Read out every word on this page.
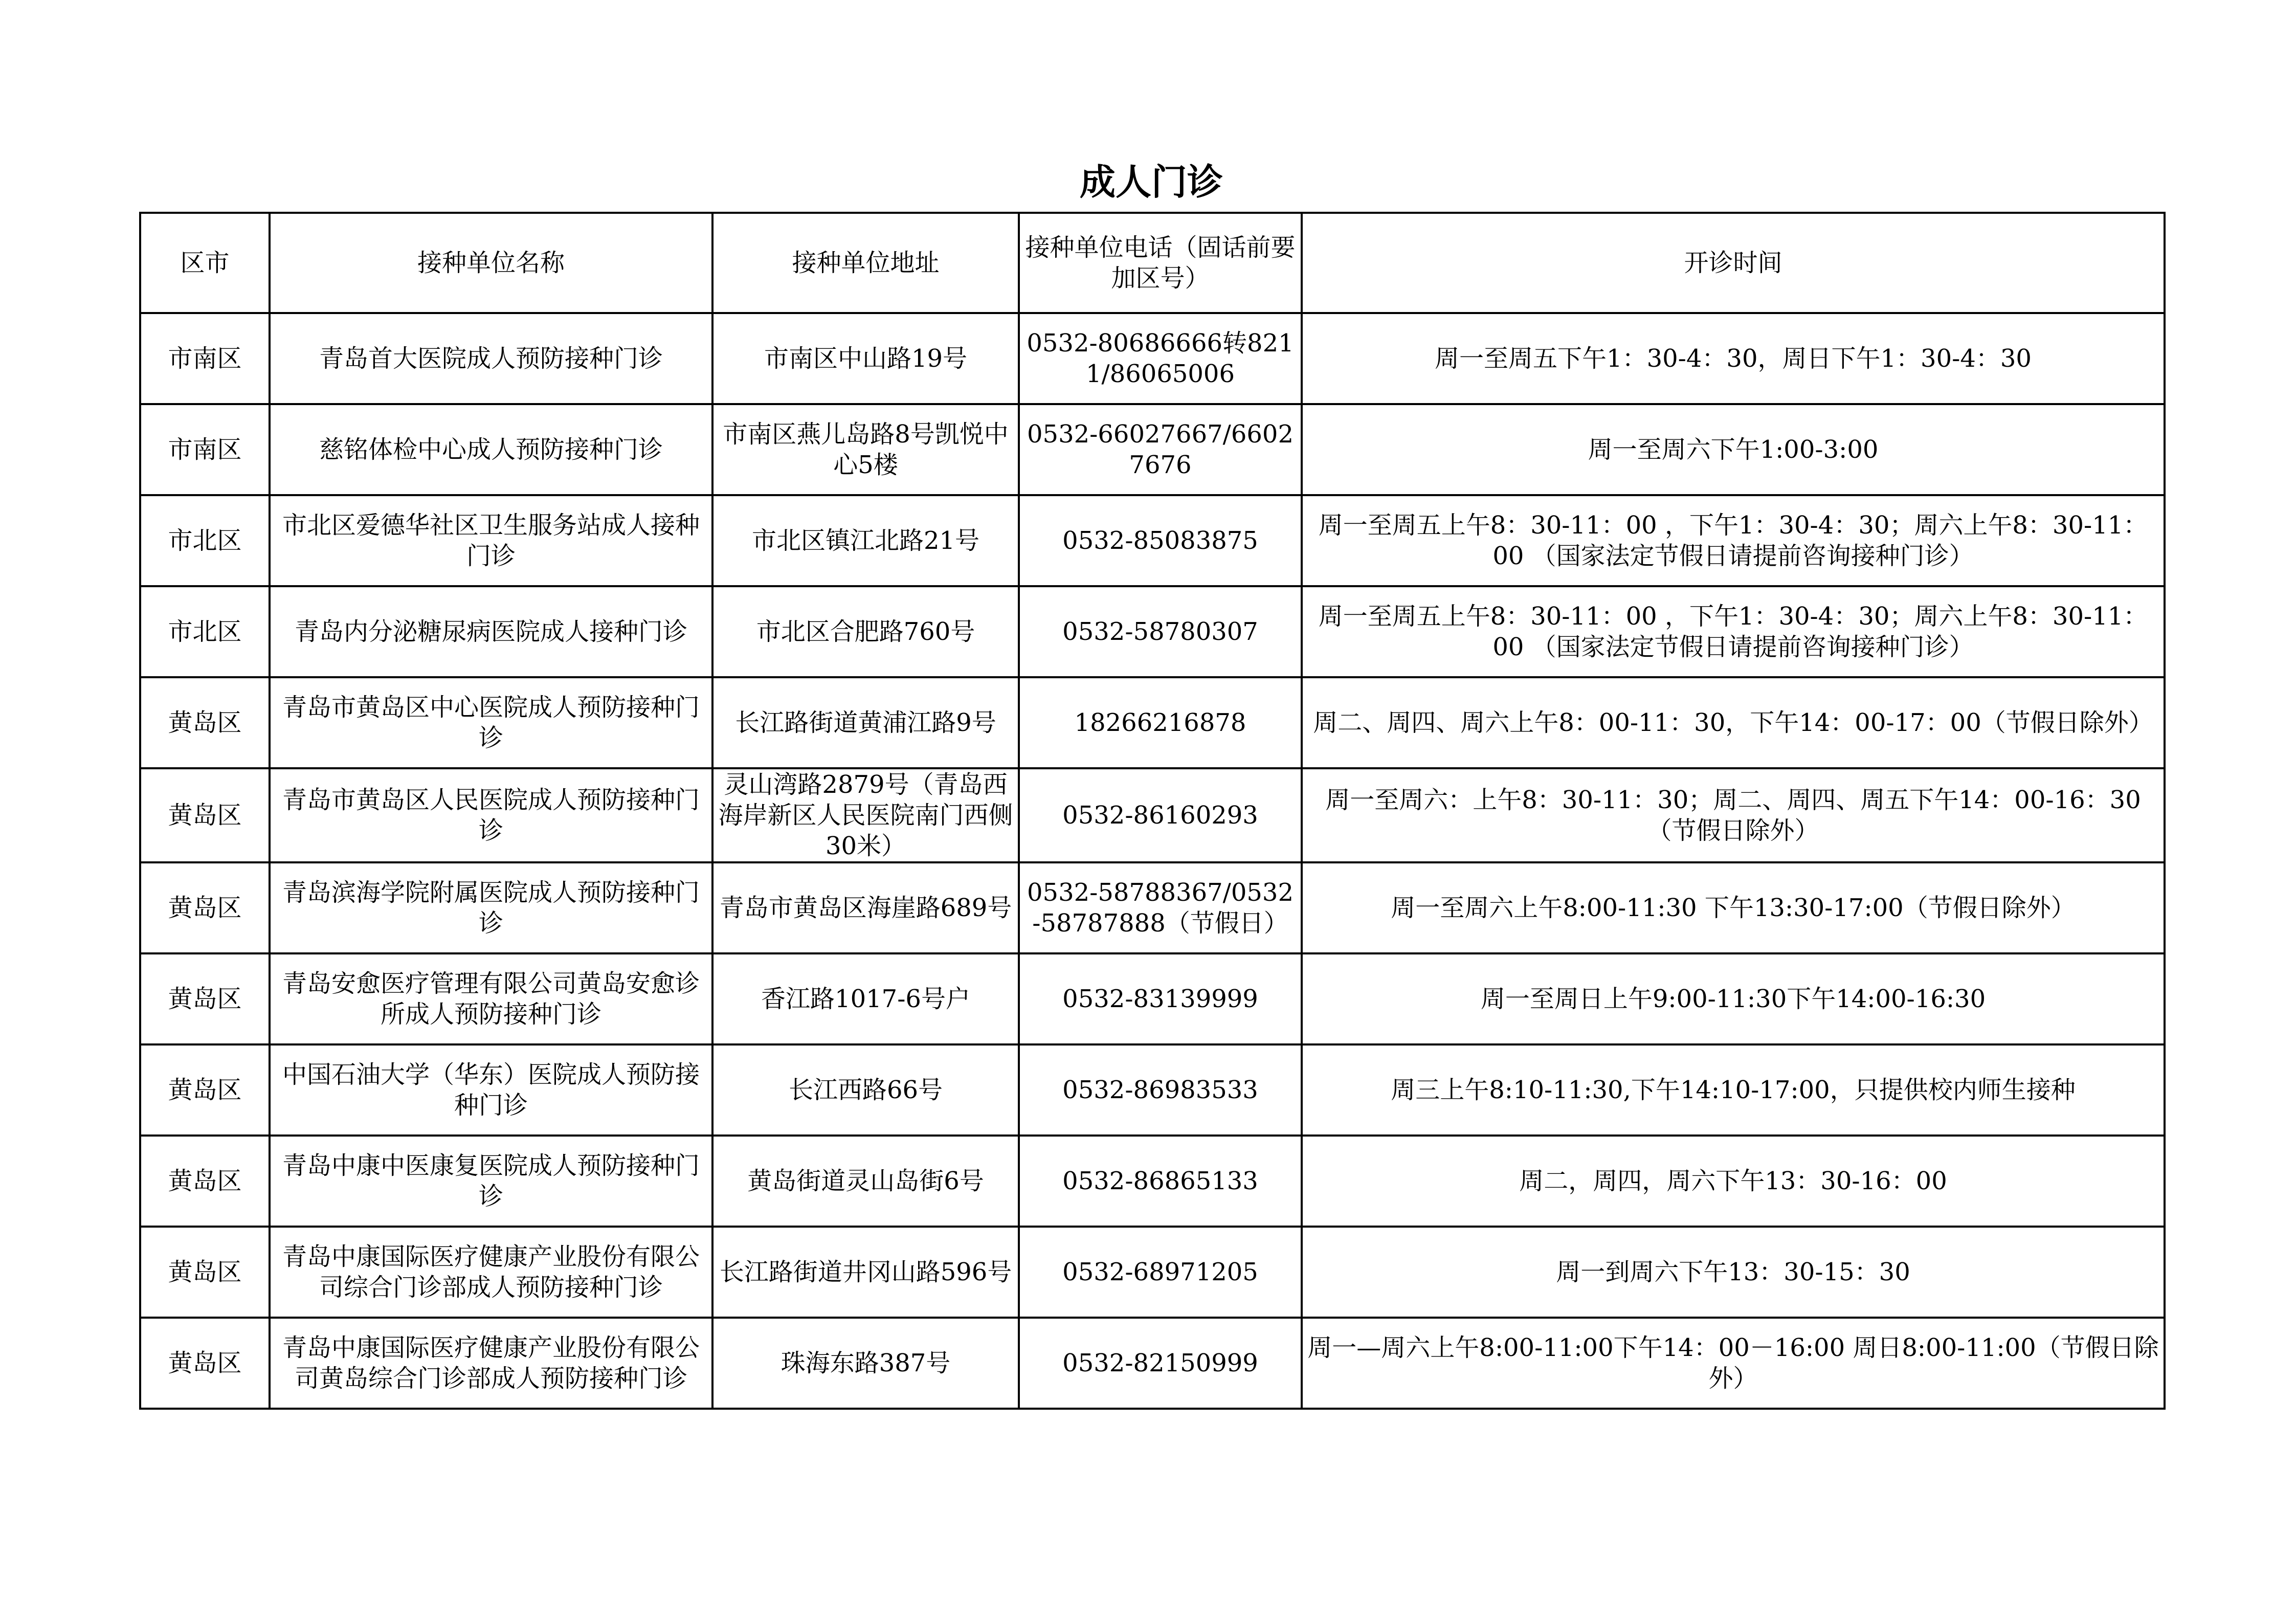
成人门诊
区市	接种单位名称	接种单位地址	接种单位电话（固话前要加区号）	开诊时间
市南区	青岛首大医院成人预防接种门诊	市南区中山路19号	0532-80686666转8211/86065006	周一至周五下午1：30-4：30，周日下午1：30-4：30
市南区	慈铭体检中心成人预防接种门诊	市南区燕儿岛路8号凯悦中心5楼	0532-66027667/66027676	周一至周六下午1:00-3:00
市北区	市北区爱德华社区卫生服务站成人接种门诊	市北区镇江北路21号	0532-85083875	周一至周五上午8：30-11：00 ，下午1：30-4：30；周六上午8：30-11：00 （国家法定节假日请提前咨询接种门诊）
市北区	青岛内分泌糖尿病医院成人接种门诊	市北区合肥路760号	0532-58780307	周一至周五上午8：30-11：00 ，下午1：30-4：30；周六上午8：30-11：00 （国家法定节假日请提前咨询接种门诊）
黄岛区	青岛市黄岛区中心医院成人预防接种门诊	长江路街道黄浦江路9号	18266216878	周二、周四、周六上午8：00-11：30，下午14：00-17：00（节假日除外）
黄岛区	青岛市黄岛区人民医院成人预防接种门诊	灵山湾路2879号（青岛西海岸新区人民医院南门西侧30米）	0532-86160293	周一至周六：上午8：30-11：30；周二、周四、周五下午14：00-16：30 （节假日除外）
黄岛区	青岛滨海学院附属医院成人预防接种门诊	青岛市黄岛区海崖路689号	0532-58788367/0532-58787888（节假日）	周一至周六上午8:00-11:30 下午13:30-17:00（节假日除外）
黄岛区	青岛安愈医疗管理有限公司黄岛安愈诊所成人预防接种门诊	香江路1017-6号户	0532-83139999	周一至周日上午9:00-11:30下午14:00-16:30
黄岛区	中国石油大学（华东）医院成人预防接种门诊	长江西路66号	0532-86983533	周三上午8:10-11:30,下午14:10-17:00，只提供校内师生接种
黄岛区	青岛中康中医康复医院成人预防接种门诊	黄岛街道灵山岛街6号	0532-86865133	周二，周四，周六下午13：30-16：00
黄岛区	青岛中康国际医疗健康产业股份有限公司综合门诊部成人预防接种门诊	长江路街道井冈山路596号	0532-68971205	周一到周六下午13：30-15：30
黄岛区	青岛中康国际医疗健康产业股份有限公司黄岛综合门诊部成人预防接种门诊	珠海东路387号	0532-82150999	周一—周六上午8:00-11:00下午14：00－16:00 周日8:00-11:00（节假日除外）
